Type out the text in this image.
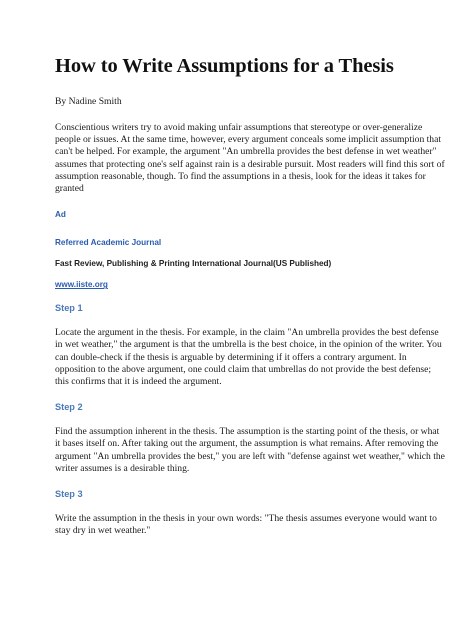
How to Write Assumptions for a Thesis

By Nadine Smith

Conscientious writers try to avoid making unfair assumptions that stereotype or over-generalize people or issues. At the same time, however, every argument conceals some implicit assumption that can't be helped. For example, the argument "An umbrella provides the best defense in wet weather" assumes that protecting one's self against rain is a desirable pursuit. Most readers will find this sort of assumption reasonable, though. To find the assumptions in a thesis, look for the ideas it takes for granted

Ad
Referred Academic Journal
Fast Review, Publishing & Printing International Journal(US Published)
www.iiste.org
Step 1

Locate the argument in the thesis. For example, in the claim "An umbrella provides the best defense in wet weather," the argument is that the umbrella is the best choice, in the opinion of the writer. You can double-check if the thesis is arguable by determining if it offers a contrary argument. In opposition to the above argument, one could claim that umbrellas do not provide the best defense; this confirms that it is indeed the argument.

Step 2

Find the assumption inherent in the thesis. The assumption is the starting point of the thesis, or what it bases itself on. After taking out the argument, the assumption is what remains. After removing the argument "An umbrella provides the best," you are left with "defense against wet weather," which the writer assumes is a desirable thing.

Step 3

Write the assumption in the thesis in your own words: "The thesis assumes everyone would want to stay dry in wet weather."
